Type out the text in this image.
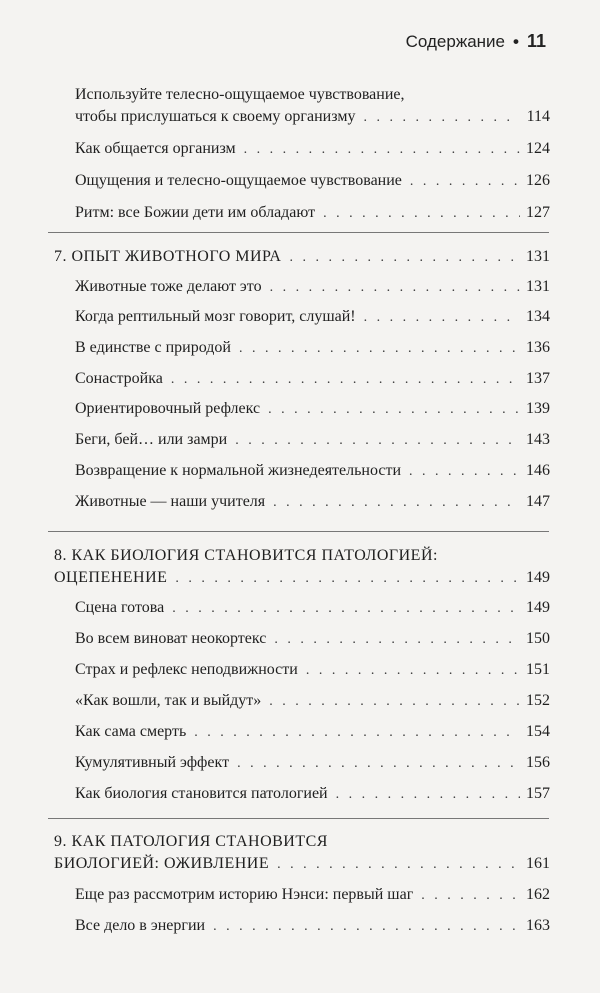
Содержание • 11
Используйте телесно-ощущаемое чувствование,
чтобы прислушаться к своему организму . . .	114
Как общается организм . . .	124
Ощущения и телесно-ощущаемое чувствование . . .	126
Ритм: все Божии дети им обладают . . .	127
7. ОПЫТ ЖИВОТНОГО МИРА . . .	131
Животные тоже делают это . . .	131
Когда рептильный мозг говорит, слушай! . . .	134
В единстве с природой . . .	136
Сонастройка . . .	137
Ориентировочный рефлекс . . .	139
Беги, бей… или замри . . .	143
Возвращение к нормальной жизнедеятельности . . .	146
Животные — наши учителя . . .	147
8. КАК БИОЛОГИЯ СТАНОВИТСЯ ПАТОЛОГИЕЙ:
ОЦЕПЕНЕНИЕ . . .	149
Сцена готова . . .	149
Во всем виноват неокортекс . . .	150
Страх и рефлекс неподвижности . . .	151
«Как вошли, так и выйдут» . . .	152
Как сама смерть . . .	154
Кумулятивный эффект . . .	156
Как биология становится патологией . . .	157
9. КАК ПАТОЛОГИЯ СТАНОВИТСЯ
БИОЛОГИЕЙ: ОЖИВЛЕНИЕ . . .	161
Еще раз рассмотрим историю Нэнси: первый шаг . . .	162
Все дело в энергии . . .	163
